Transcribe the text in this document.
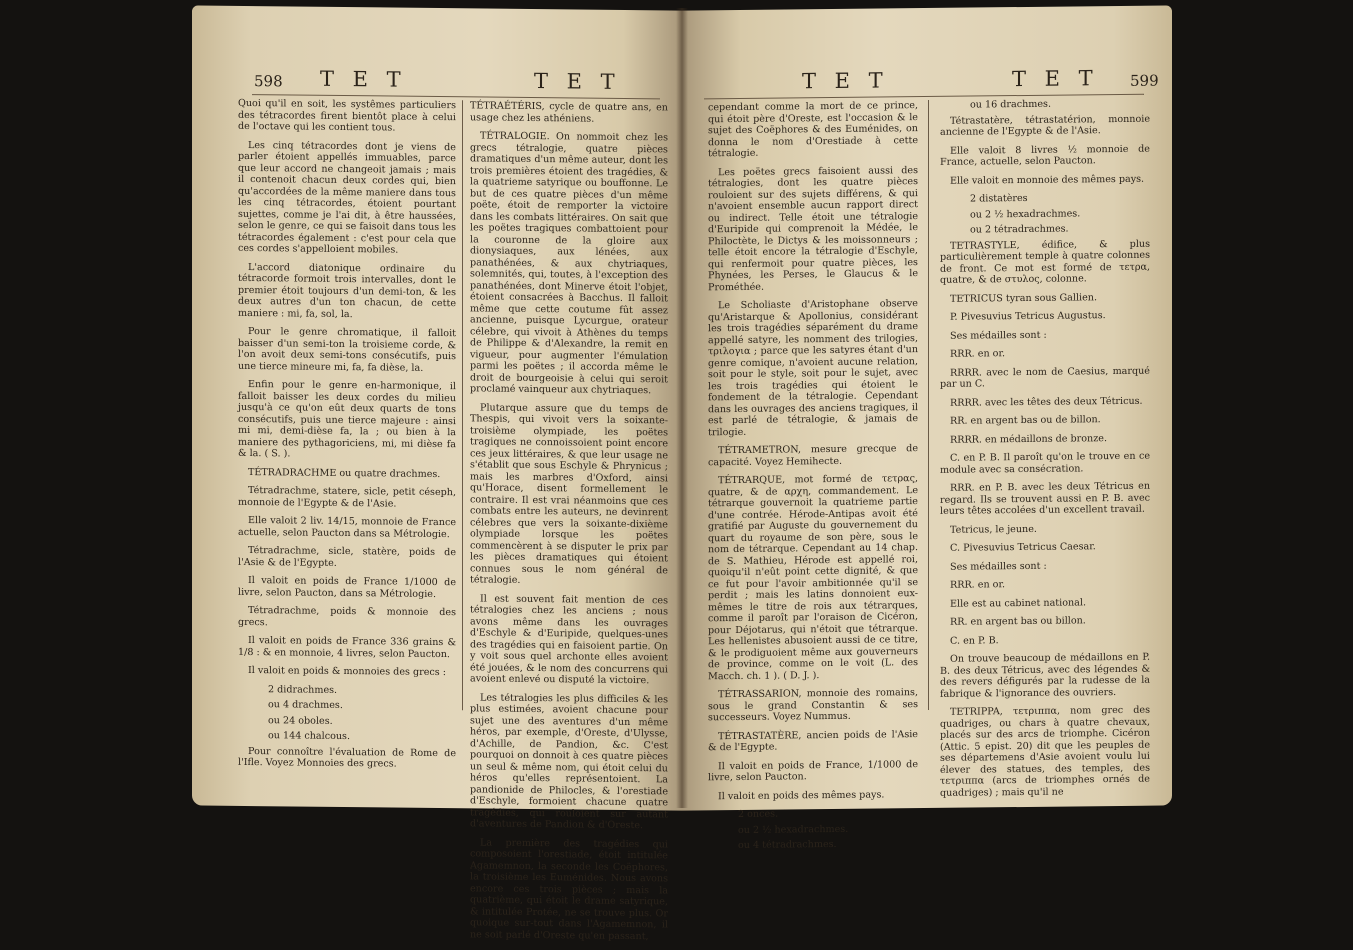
598 T E T	T E T

Quoi qu'il en soit, les systêmes particuliers des tétracordes firent bientôt place à celui de l'octave qui les contient tous.

Les cinq tétracordes dont je viens de parler étoient appellés immuables, parce que leur accord ne changeoit jamais ; mais il contenoit chacun deux cordes qui, bien qu'accordées de la même maniere dans tous les cinq tétracordes, étoient pourtant sujettes, comme je l'ai dit, à être haussées, selon le genre, ce qui se faisoit dans tous les tétracordes également : c'est pour cela que ces cordes s'appelloient mobiles.

L'accord diatonique ordinaire du tétracorde formoit trois intervalles, dont le premier étoit toujours d'un demi-ton, & les deux autres d'un ton chacun, de cette maniere : mi, fa, sol, la.

Pour le genre chromatique, il falloit baisser d'un semi-ton la troisieme corde, & l'on avoit deux semi-tons consécutifs, puis une tierce mineure mi, fa, fa dièse, la.

Enfin pour le genre en-harmonique, il falloit baisser les deux cordes du milieu jusqu'à ce qu'on eût deux quarts de tons consécutifs, puis une tierce majeure : ainsi mi mi, demi-dièse fa, la ; ou bien à la maniere des pythagoriciens, mi, mi dièse fa & la. ( S. ).

TÉTRADRACHME ou quatre drachmes.

Tétradrachme, statere, sicle, petit céseph, monnoie de l'Egypte & de l'Asie.

Elle valoit 2 liv. 14/15, monnoie de France actuelle, selon Paucton dans sa Métrologie.

Tétradrachme, sicle, statère, poids de l'Asie & de l'Egypte.

Il valoit en poids de France 1/1000 de livre, selon Paucton, dans sa Métrologie.

Tétradrachme, poids & monnoie des grecs.

Il valoit en poids de France 336 grains & 1/8 : & en monnoie, 4 livres, selon Paucton.

Il valoit en poids & monnoies des grecs :

2 didrachmes.

ou 4 drachmes.

ou 24 oboles.

ou 144 chalcous.

Pour connoître l'évaluation de Rome de l'Ifle. Voyez Monnoies des grecs.

TÉTRAÉTÉRIS, cycle de quatre ans, en usage chez les athéniens.

TÉTRALOGIE. On nommoit chez les grecs tétralogie, quatre pièces dramatiques d'un même auteur, dont les trois premières étoient des tragédies, & la quatrieme satyrique ou bouffonne. Le but de ces quatre pièces d'un même poëte, étoit de remporter la victoire dans les combats littéraires. On sait que les poëtes tragiques combattoient pour la couronne de la gloire aux dionysiaques, aux lénées, aux panathénées, & aux chytriaques, solemnités, qui, toutes, à l'exception des panathénées, dont Minerve étoit l'objet, étoient consacrées à Bacchus. Il falloit même que cette coutume fût assez ancienne, puisque Lycurgue, orateur célebre, qui vivoit à Athènes du temps de Philippe & d'Alexandre, la remit en vigueur, pour augmenter l'émulation parmi les poëtes ; il accorda même le droit de bourgeoisie à celui qui seroit proclamé vainqueur aux chytriaques.

Plutarque assure que du temps de Thespis, qui vivoit vers la soixante-troisième olympiade, les poëtes tragiques ne connoissoient point encore ces jeux littéraires, & que leur usage ne s'établit que sous Eschyle & Phrynicus ; mais les marbres d'Oxford, ainsi qu'Horace, disent formellement le contraire. Il est vrai néanmoins que ces combats entre les auteurs, ne devinrent célebres que vers la soixante-dixième olympiade lorsque les poëtes commencèrent à se disputer le prix par les pièces dramatiques qui étoient connues sous le nom général de tétralogie.

Il est souvent fait mention de ces tétralogies chez les anciens ; nous avons même dans les ouvrages d'Eschyle & d'Euripide, quelques-unes des tragédies qui en faisoient partie. On y voit sous quel archonte elles avoient été jouées, & le nom des concurrens qui avoient enlevé ou disputé la victoire.

Les tétralogies les plus difficiles & les plus estimées, avoient chacune pour sujet une des aventures d'un même héros, par exemple, d'Oreste, d'Ulysse, d'Achille, de Pandion, &c. C'est pourquoi on donnoit à ces quatre pièces un seul & même nom, qui étoit celui du héros qu'elles représentoient. La pandionide de Philocles, & l'orestiade d'Eschyle, formoient chacune quatre tragédies, qui rouloient sur autant d'aventures de Pandion & d'Oreste.

La première des tragédies qui composoient l'orestiade, étoit intitulée Agamemnon, la seconde les Coëphores, la troisième les Euménides. Nous avons encore ces trois pièces ; mais la quatrième, qui étoit le drame satyrique, & intitulée Protée, ne se trouve plus. Or quoique sur-tout dans l'Agamemnon, il ne soit parlé d'Oreste qu'en passant,

T E T	T E T 599

cependant comme la mort de ce prince, qui étoit père d'Oreste, est l'occasion & le sujet des Coëphores & des Euménides, on donna le nom d'Orestiade à cette tétralogie.

Les poëtes grecs faisoient aussi des tétralogies, dont les quatre pièces rouloient sur des sujets différens, & qui n'avoient ensemble aucun rapport direct ou indirect. Telle étoit une tétralogie d'Euripide qui comprenoit la Médée, le Philoctète, le Dictys & les moissonneurs ; telle étoit encore la tétralogie d'Eschyle, qui renfermoit pour quatre pièces, les Phynées, les Perses, le Glaucus & le Prométhée.

Le Scholiaste d'Aristophane observe qu'Aristarque & Apollonius, considérant les trois tragédies séparément du drame appellé satyre, les nomment des trilogies, τριλογια ; parce que les satyres étant d'un genre comique, n'avoient aucune relation, soit pour le style, soit pour le sujet, avec les trois tragédies qui étoient le fondement de la tétralogie. Cependant dans les ouvrages des anciens tragiques, il est parlé de tétralogie, & jamais de trilogie.

TÉTRAMETRON, mesure grecque de capacité. Voyez Hemihecte.

TÉTRARQUE, mot formé de τετρας, quatre, & de αρχη, commandement. Le tétrarque gouvernoit la quatrieme partie d'une contrée. Hérode-Antipas avoit été gratifié par Auguste du gouvernement du quart du royaume de son père, sous le nom de tétrarque. Cependant au 14 chap. de S. Mathieu, Hérode est appellé roi, quoiqu'il n'eût point cette dignité, & que ce fut pour l'avoir ambitionnée qu'il se perdit ; mais les latins donnoient eux-mêmes le titre de rois aux tétrarques, comme il paroît par l'oraison de Cicéron, pour Déjotarus, qui n'étoit que tétrarque. Les hellenistes abusoient aussi de ce titre, & le prodiguoient même aux gouverneurs de province, comme on le voit (L. des Macch. ch. 1 ). ( D. J. ).

TÉTRASSARION, monnoie des romains, sous le grand Constantin & ses successeurs. Voyez Nummus.

TÉTRASTATÈRE, ancien poids de l'Asie & de l'Egypte.

Il valoit en poids de France, 1/1000 de livre, selon Paucton.

Il valoit en poids des mêmes pays.

2 onces.

ou 2 ½ hexadrachmes.

ou 4 tétradrachmes.

ou 16 drachmes.

Tétrastatère, tétrastatérion, monnoie ancienne de l'Egypte & de l'Asie.

Elle valoit 8 livres ½ monnoie de France, actuelle, selon Paucton.

Elle valoit en monnoie des mêmes pays.

2 distatères

ou 2 ½ hexadrachmes.

ou 2 tétradrachmes.

TETRASTYLE, édifice, & plus particulièrement temple à quatre colonnes de front. Ce mot est formé de τετρα, quatre, & de στυλος, colonne.

TETRICUS tyran sous Gallien.

P. Pivesuvius Tetricus Augustus.

Ses médailles sont :

RRR. en or.

RRRR. avec le nom de Caesius, marqué par un C.

RRRR. avec les têtes des deux Tétricus.

RR. en argent bas ou de billon.

RRRR. en médaillons de bronze.

C. en P. B. Il paroît qu'on le trouve en ce module avec sa consécration.

RRR. en P. B. avec les deux Tétricus en regard. Ils se trouvent aussi en P. B. avec leurs têtes accolées d'un excellent travail.

Tetricus, le jeune.

C. Pivesuvius Tetricus Caesar.

Ses médailles sont :

RRR. en or.

Elle est au cabinet national.

RR. en argent bas ou billon.

C. en P. B.

On trouve beaucoup de médaillons en P. B. des deux Tétricus, avec des légendes & des revers défigurés par la rudesse de la fabrique & l'ignorance des ouvriers.

TETRIPPA, τετριππα, nom grec des quadriges, ou chars à quatre chevaux, placés sur des arcs de triomphe. Cicéron (Attic. 5 epist. 20) dit que les peuples de ses départemens d'Asie avoient voulu lui élever des statues, des temples, des τετριππα (arcs de triomphes ornés de quadriges) ; mais qu'il ne
